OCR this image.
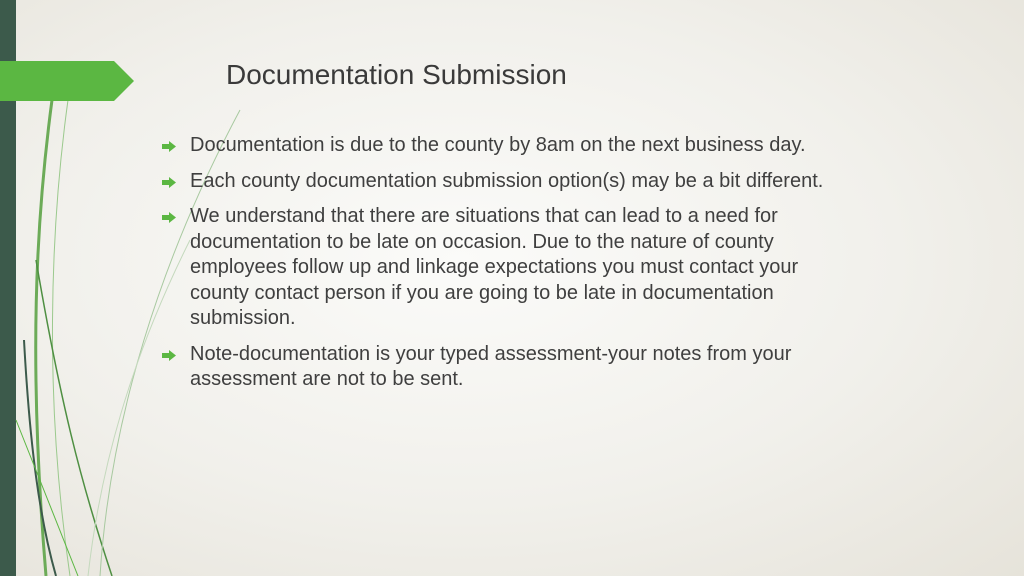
Documentation Submission
Documentation is due to the county by 8am on the next business day.
Each county documentation submission option(s) may be a bit different.
We understand that there are situations that can lead to a need for documentation to be late on occasion. Due to the nature of county employees follow up and linkage expectations you must contact your county contact person if you are going to be late in documentation submission.
Note-documentation is your typed assessment-your notes from your assessment are not to be sent.
